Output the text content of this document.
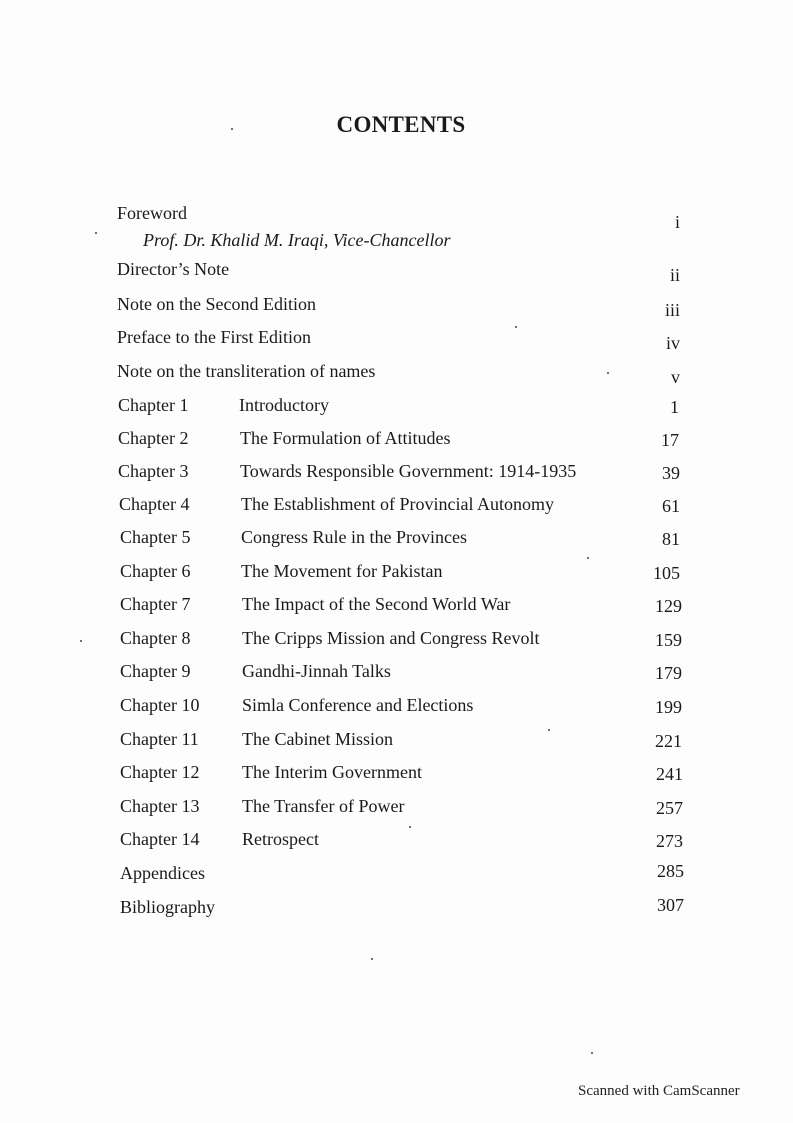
CONTENTS
Foreword	i
Prof. Dr. Khalid M. Iraqi, Vice-Chancellor
Director’s Note	ii
Note on the Second Edition	iii
Preface to the First Edition	iv
Note on the transliteration of names	v
Chapter 1	Introductory	1
Chapter 2	The Formulation of Attitudes	17
Chapter 3	Towards Responsible Government: 1914-1935	39
Chapter 4	The Establishment of Provincial Autonomy	61
Chapter 5	Congress Rule in the Provinces	81
Chapter 6	The Movement for Pakistan	105
Chapter 7	The Impact of the Second World War	129
Chapter 8	The Cripps Mission and Congress Revolt	159
Chapter 9	Gandhi-Jinnah Talks	179
Chapter 10 Simla Conference and Elections	199
Chapter 11 The Cabinet Mission	221
Chapter 12 The Interim Government	241
Chapter 13 The Transfer of Power	257
Chapter 14 Retrospect	273
Appendices	285
Bibliography	307
Scanned with CamScanner
